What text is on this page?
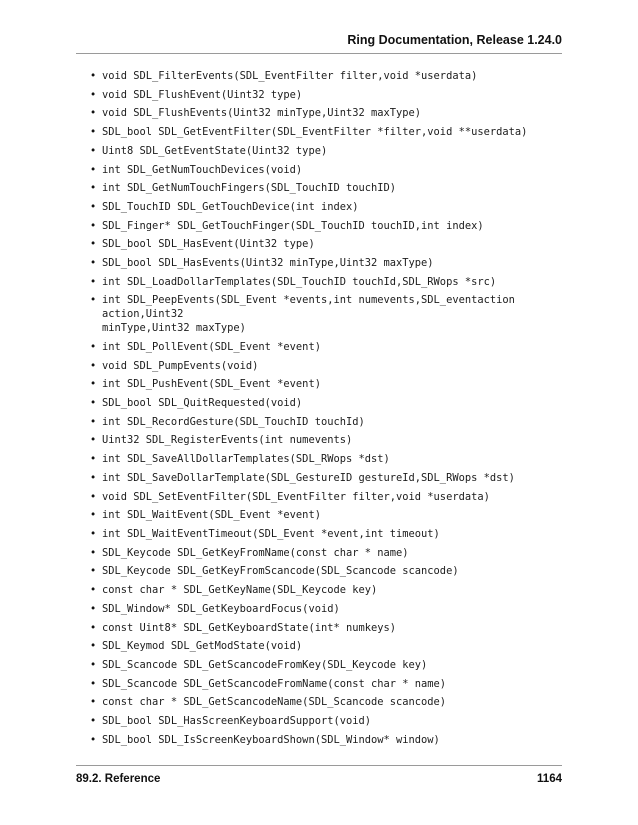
Ring Documentation, Release 1.24.0
• void SDL_FilterEvents(SDL_EventFilter filter,void *userdata)
• void SDL_FlushEvent(Uint32 type)
• void SDL_FlushEvents(Uint32 minType,Uint32 maxType)
• SDL_bool SDL_GetEventFilter(SDL_EventFilter *filter,void **userdata)
• Uint8 SDL_GetEventState(Uint32 type)
• int SDL_GetNumTouchDevices(void)
• int SDL_GetNumTouchFingers(SDL_TouchID touchID)
• SDL_TouchID SDL_GetTouchDevice(int index)
• SDL_Finger* SDL_GetTouchFinger(SDL_TouchID touchID,int index)
• SDL_bool SDL_HasEvent(Uint32 type)
• SDL_bool SDL_HasEvents(Uint32 minType,Uint32 maxType)
• int SDL_LoadDollarTemplates(SDL_TouchID touchId,SDL_RWops *src)
• int SDL_PeepEvents(SDL_Event *events,int numevents,SDL_eventaction action,Uint32
minType,Uint32 maxType)
• int SDL_PollEvent(SDL_Event *event)
• void SDL_PumpEvents(void)
• int SDL_PushEvent(SDL_Event *event)
• SDL_bool SDL_QuitRequested(void)
• int SDL_RecordGesture(SDL_TouchID touchId)
• Uint32 SDL_RegisterEvents(int numevents)
• int SDL_SaveAllDollarTemplates(SDL_RWops *dst)
• int SDL_SaveDollarTemplate(SDL_GestureID gestureId,SDL_RWops *dst)
• void SDL_SetEventFilter(SDL_EventFilter filter,void *userdata)
• int SDL_WaitEvent(SDL_Event *event)
• int SDL_WaitEventTimeout(SDL_Event *event,int timeout)
• SDL_Keycode SDL_GetKeyFromName(const char * name)
• SDL_Keycode SDL_GetKeyFromScancode(SDL_Scancode scancode)
• const char * SDL_GetKeyName(SDL_Keycode key)
• SDL_Window* SDL_GetKeyboardFocus(void)
• const Uint8* SDL_GetKeyboardState(int* numkeys)
• SDL_Keymod SDL_GetModState(void)
• SDL_Scancode SDL_GetScancodeFromKey(SDL_Keycode key)
• SDL_Scancode SDL_GetScancodeFromName(const char * name)
• const char * SDL_GetScancodeName(SDL_Scancode scancode)
• SDL_bool SDL_HasScreenKeyboardSupport(void)
• SDL_bool SDL_IsScreenKeyboardShown(SDL_Window* window)
89.2. Reference	1164
